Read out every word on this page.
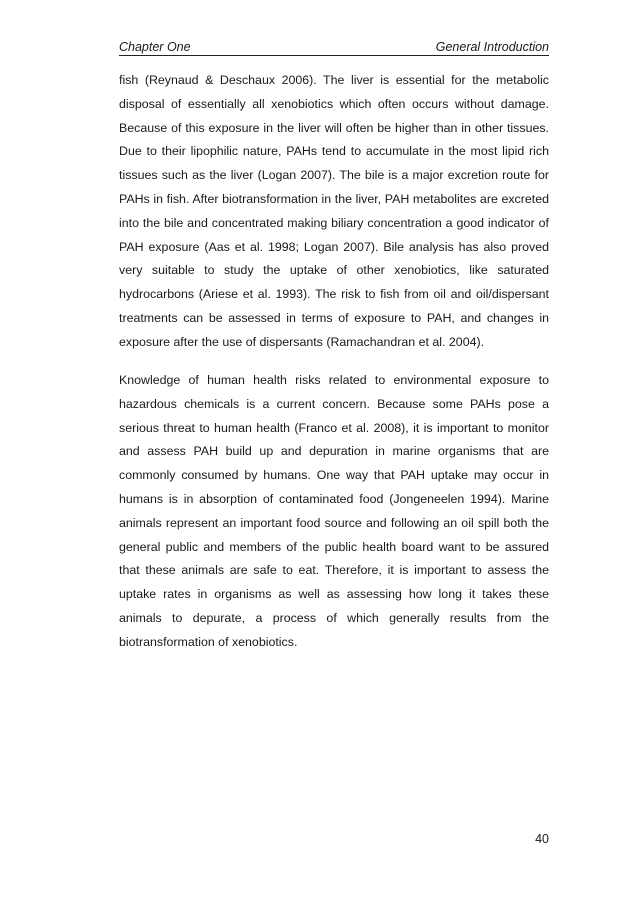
Chapter One	General Introduction

fish (Reynaud & Deschaux 2006). The liver is essential for the metabolic disposal of essentially all xenobiotics which often occurs without damage. Because of this exposure in the liver will often be higher than in other tissues. Due to their lipophilic nature, PAHs tend to accumulate in the most lipid rich tissues such as the liver (Logan 2007). The bile is a major excretion route for PAHs in fish. After biotransformation in the liver, PAH metabolites are excreted into the bile and concentrated making biliary concentration a good indicator of PAH exposure (Aas et al. 1998; Logan 2007). Bile analysis has also proved very suitable to study the uptake of other xenobiotics, like saturated hydrocarbons (Ariese et al. 1993). The risk to fish from oil and oil/dispersant treatments can be assessed in terms of exposure to PAH, and changes in exposure after the use of dispersants (Ramachandran et al. 2004).

Knowledge of human health risks related to environmental exposure to hazardous chemicals is a current concern. Because some PAHs pose a serious threat to human health (Franco et al. 2008), it is important to monitor and assess PAH build up and depuration in marine organisms that are commonly consumed by humans. One way that PAH uptake may occur in humans is in absorption of contaminated food (Jongeneelen 1994). Marine animals represent an important food source and following an oil spill both the general public and members of the public health board want to be assured that these animals are safe to eat. Therefore, it is important to assess the uptake rates in organisms as well as assessing how long it takes these animals to depurate, a process of which generally results from the biotransformation of xenobiotics.

40
